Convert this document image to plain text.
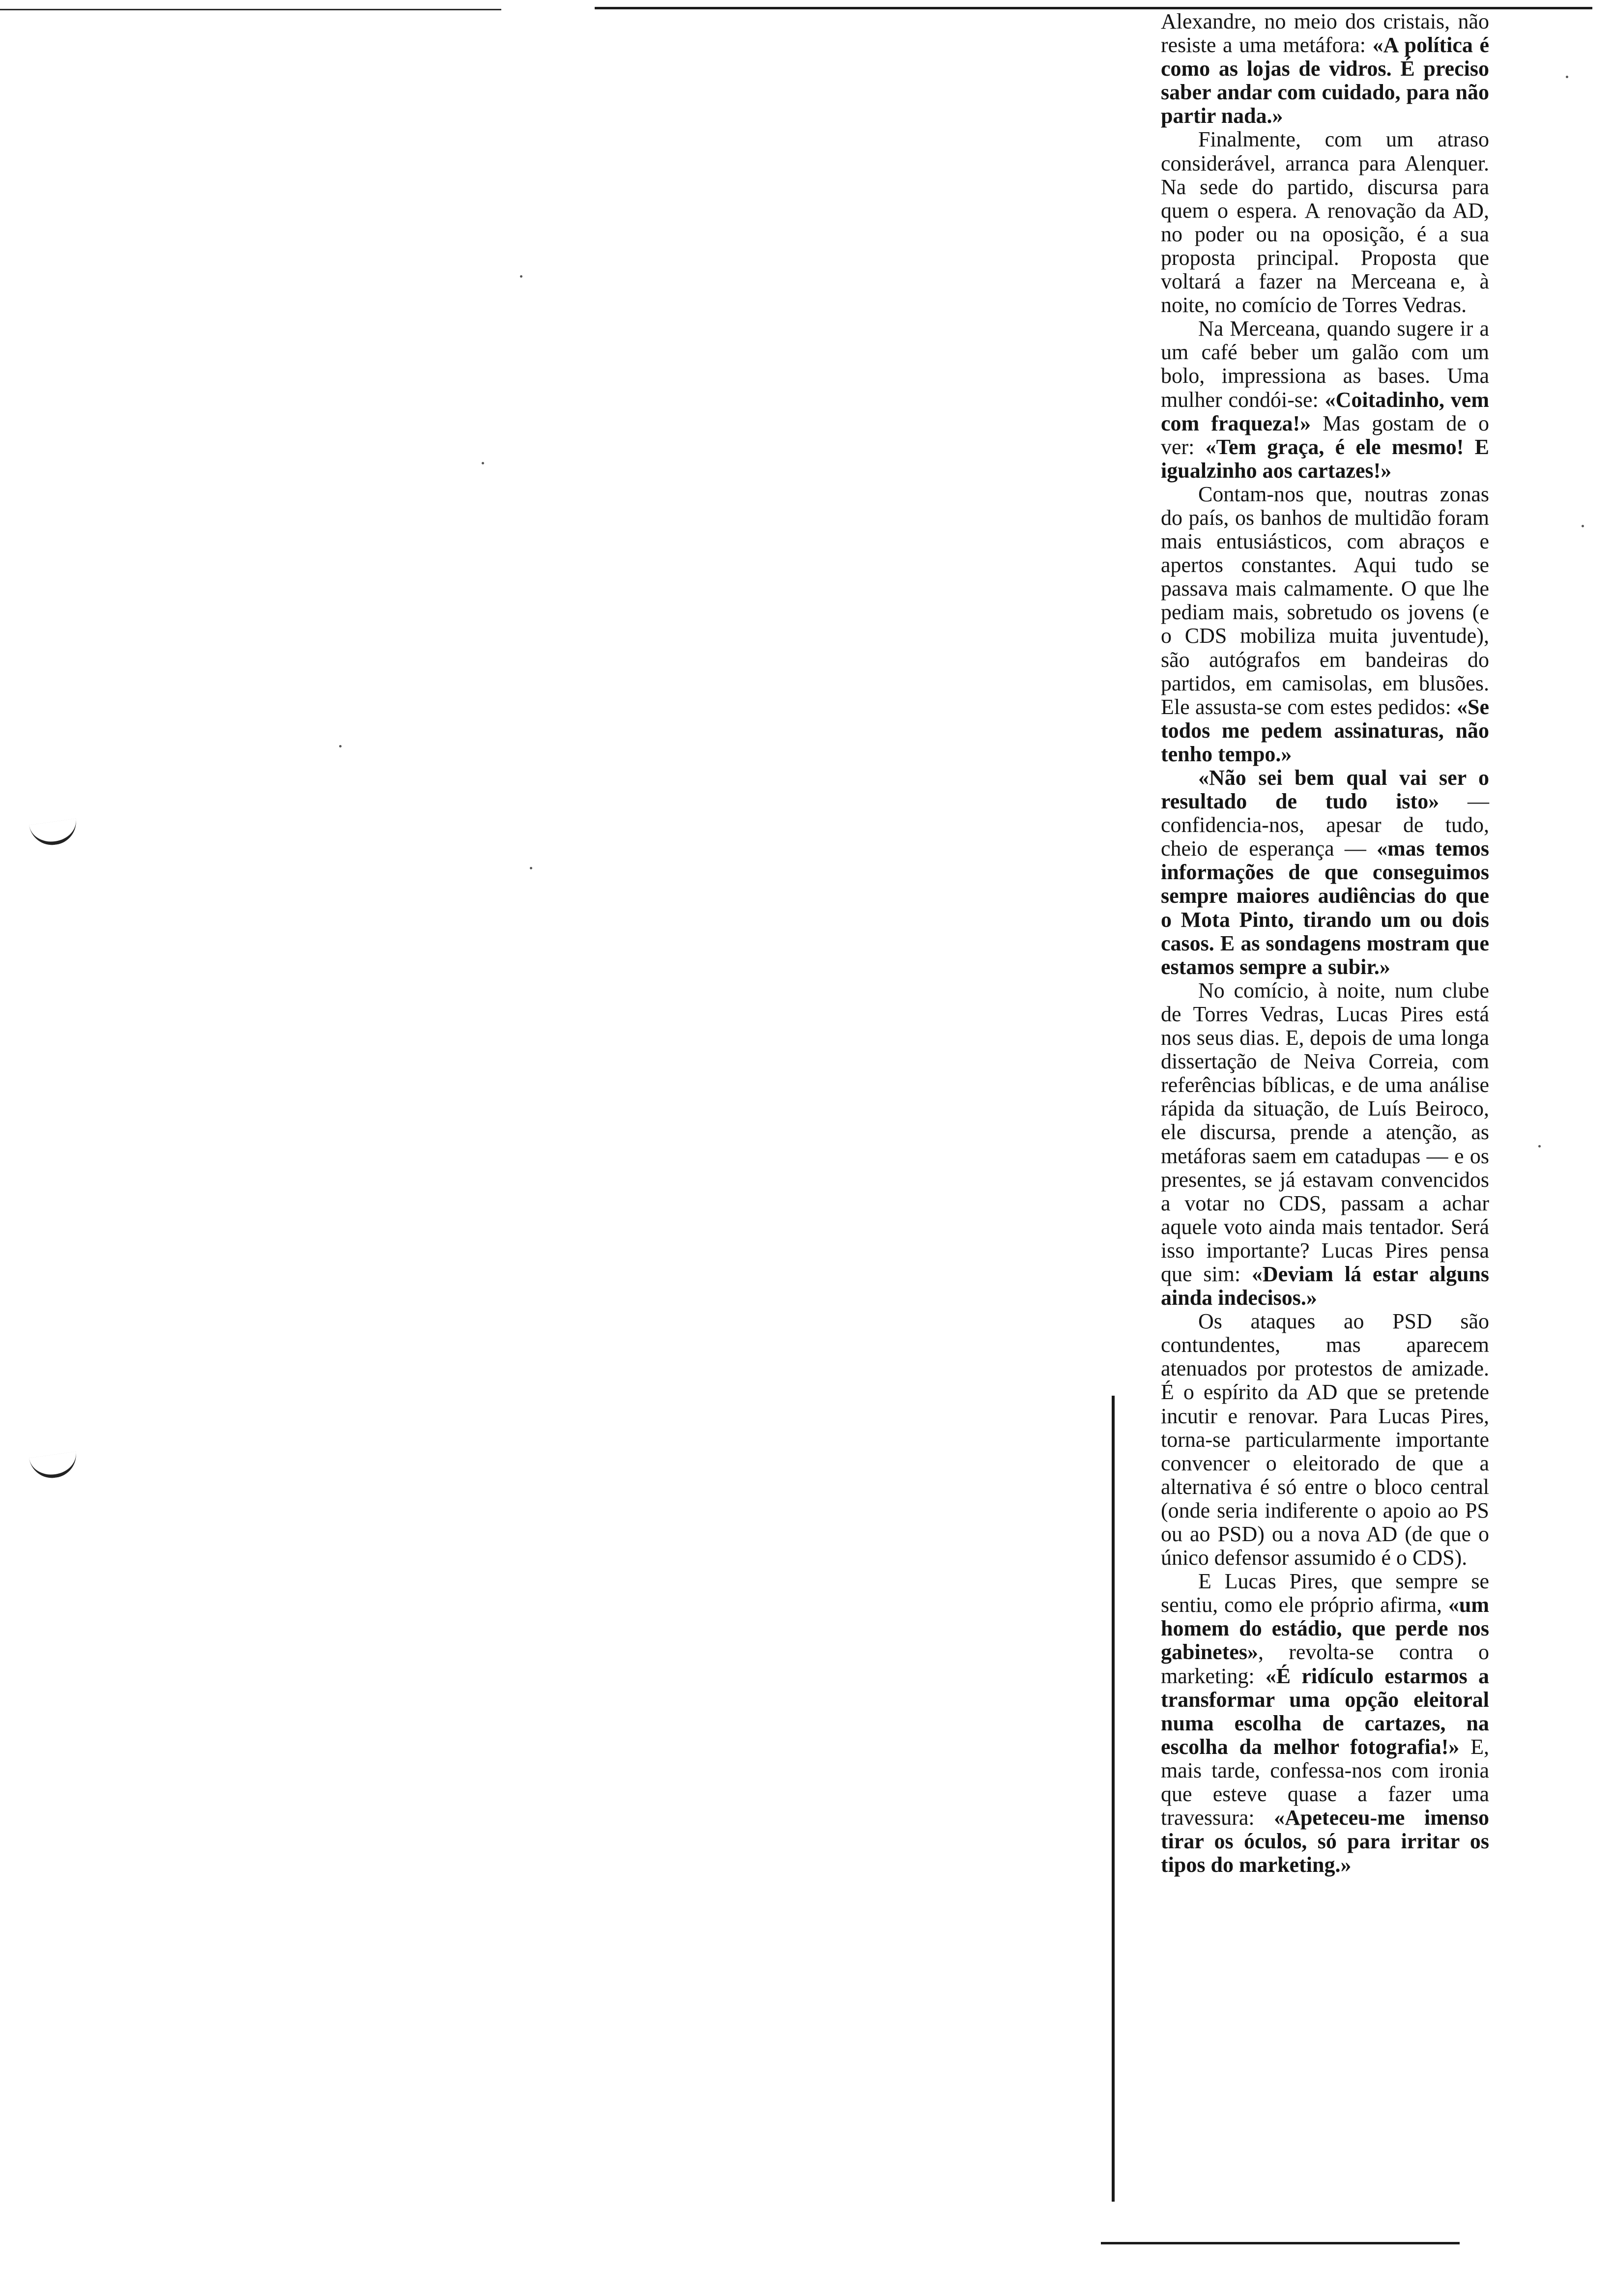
Alexandre, no meio dos cristais, não resiste a uma metáfora: «A política é como as lojas de vidros. É preciso saber andar com cuidado, para não partir nada.»

Finalmente, com um atraso considerável, arranca para Alenquer. Na sede do partido, discursa para quem o espera. A renovação da AD, no poder ou na oposição, é a sua proposta principal. Proposta que voltará a fazer na Merceana e, à noite, no comício de Torres Vedras.

Na Merceana, quando sugere ir a um café beber um galão com um bolo, impressiona as bases. Uma mulher condói-se: «Coitadinho, vem com fraqueza!» Mas gostam de o ver: «Tem graça, é ele mesmo! E igualzinho aos cartazes!»

Contam-nos que, noutras zonas do país, os banhos de multidão foram mais entusiásticos, com abraços e apertos constantes. Aqui tudo se passava mais calmamente. O que lhe pediam mais, sobretudo os jovens (e o CDS mobiliza muita juventude), são autógrafos em bandeiras do partidos, em camisolas, em blusões. Ele assusta-se com estes pedidos: «Se todos me pedem assinaturas, não tenho tempo.»

«Não sei bem qual vai ser o resultado de tudo isto» — confidencia-nos, apesar de tudo, cheio de esperança — «mas temos informações de que conseguimos sempre maiores audiências do que o Mota Pinto, tirando um ou dois casos. E as sondagens mostram que estamos sempre a subir.»

No comício, à noite, num clube de Torres Vedras, Lucas Pires está nos seus dias. E, depois de uma longa dissertação de Neiva Correia, com referências bíblicas, e de uma análise rápida da situação, de Luís Beiroco, ele discursa, prende a atenção, as metáforas saem em catadupas — e os presentes, se já estavam convencidos a votar no CDS, passam a achar aquele voto ainda mais tentador. Será isso importante? Lucas Pires pensa que sim: «Deviam lá estar alguns ainda indecisos.»

Os ataques ao PSD são contundentes, mas aparecem atenuados por protestos de amizade. É o espírito da AD que se pretende incutir e renovar. Para Lucas Pires, torna-se particularmente importante convencer o eleitorado de que a alternativa é só entre o bloco central (onde seria indiferente o apoio ao PS ou ao PSD) ou a nova AD (de que o único defensor assumido é o CDS).

E Lucas Pires, que sempre se sentiu, como ele próprio afirma, «um homem do estádio, que perde nos gabinetes», revolta-se contra o marketing: «É ridículo estarmos a transformar uma opção eleitoral numa escolha de cartazes, na escolha da melhor fotografia!» E, mais tarde, confessa-nos com ironia que esteve quase a fazer uma travessura: «Apeteceu-me imenso tirar os óculos, só para irritar os tipos do marketing.»
